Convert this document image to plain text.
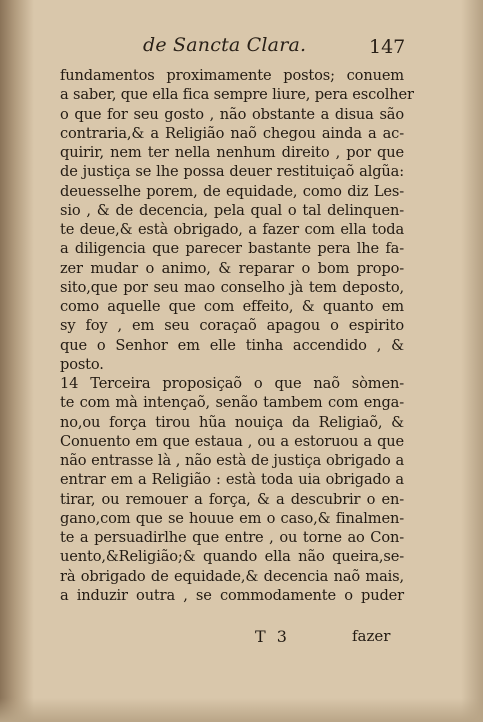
de Sancta Clara.	147
fundamentos proximamente postos; conuem
a saber, que ella fica sempre liure, pera escolher
o que for seu gosto , não obstante a disua são
contraria,& a Religião naõ chegou ainda a ac-
quirir, nem ter nella nenhum direito , por que
de justiça se lhe possa deuer restituiçaõ algũa:
deuesselhe porem, de equidade, como diz Les-
sio , & de decencia, pela qual o tal delinquen-
te deue,& està obrigado, a fazer com ella toda
a diligencia que parecer bastante pera lhe fa-
zer mudar o animo, & reparar o bom propo-
sito,que por seu mao conselho jà tem deposto,
como aquelle que com effeito, & quanto em
sy foy , em seu coraçaõ apagou o espirito
que o Senhor em elle tinha accendido , &
posto.
14 Terceira proposiçaõ o que naõ sòmen-
te com mà intençaõ, senão tambem com enga-
no,ou força tirou hũa nouiça da Religiaõ, &
Conuento em que estaua , ou a estoruou a que
não entrasse là , não està de justiça obrigado a
entrar em a Religião : està toda uia obrigado a
tirar, ou remouer a força, & a descubrir o en-
gano,com que se houue em o caso,& finalmen-
te a persuadirlhe que entre , ou torne ao Con-
uento,&Religião;& quando ella não queira,se-
rà obrigado de equidade,& decencia naõ mais,
a induzir outra , se commodamente o puder
T 3	fazer
